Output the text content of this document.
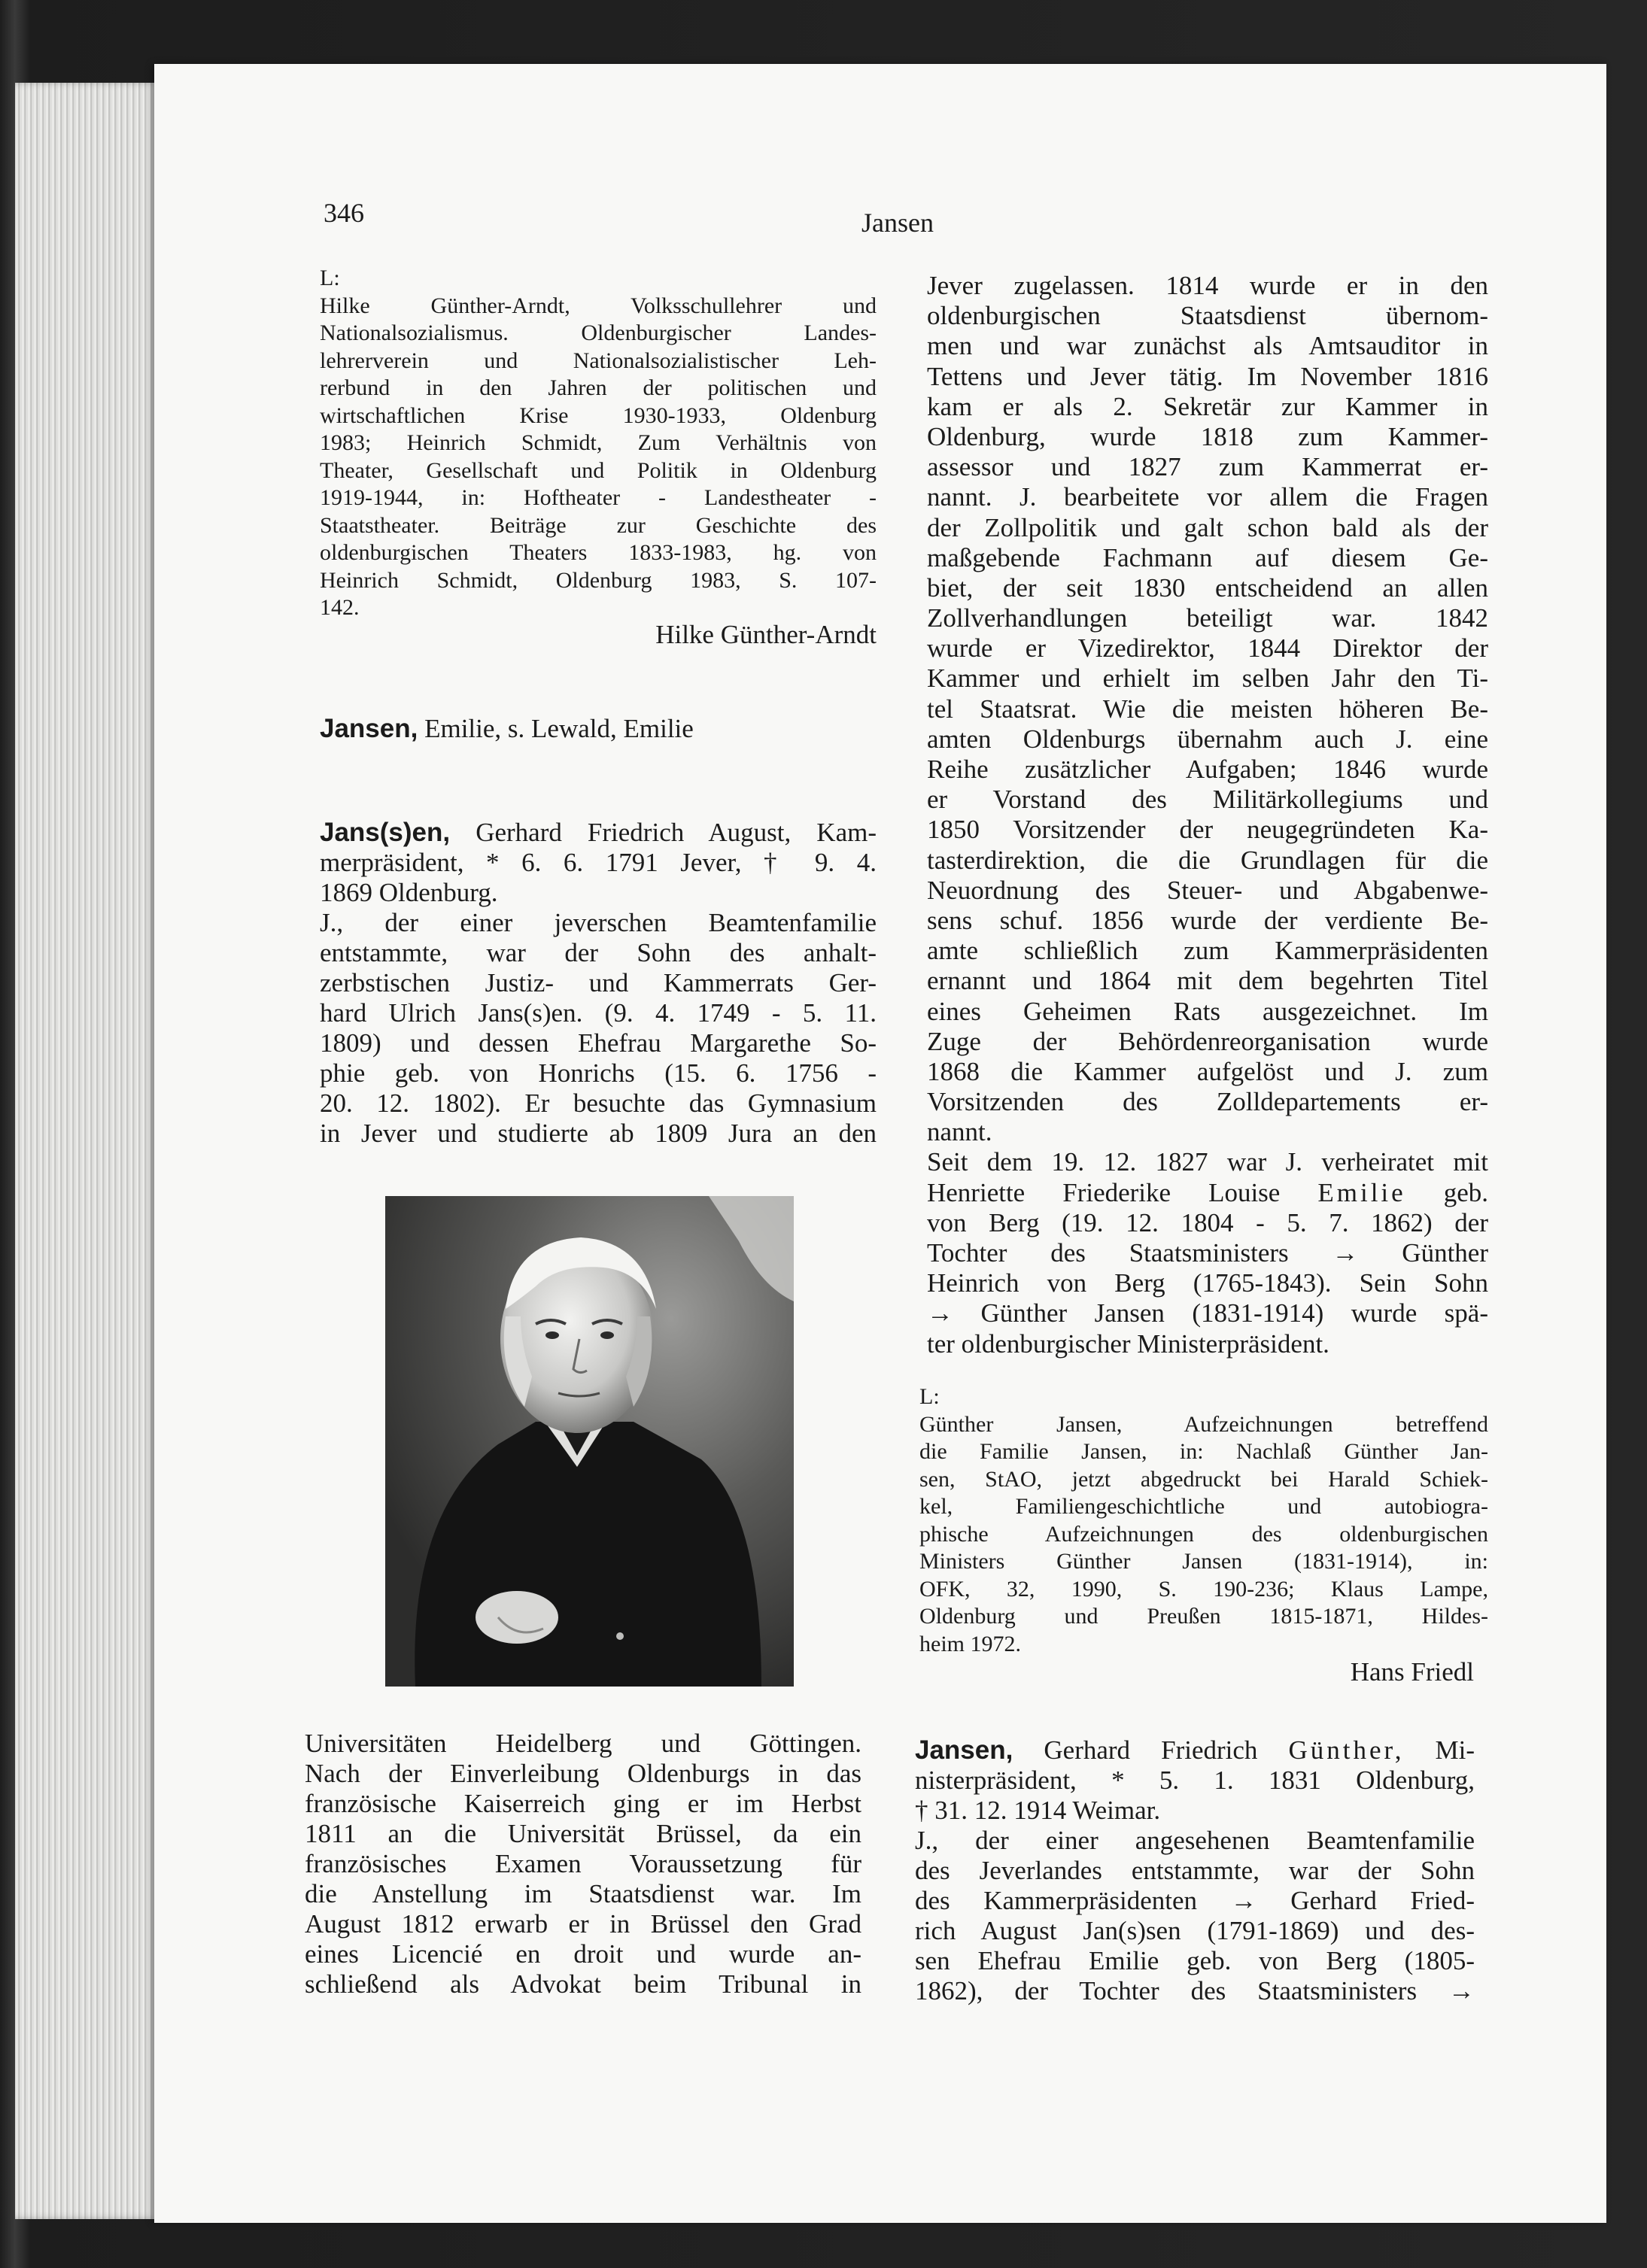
346	Jansen
L:
Hilke Günther-Arndt, Volksschullehrer und
Nationalsozialismus. Oldenburgischer Landes-
lehrerverein und Nationalsozialistischer Leh-
rerbund in den Jahren der politischen und
wirtschaftlichen Krise 1930-1933, Oldenburg
1983; Heinrich Schmidt, Zum Verhältnis von
Theater, Gesellschaft und Politik in Oldenburg
1919-1944, in: Hoftheater - Landestheater -
Staatstheater. Beiträge zur Geschichte des
oldenburgischen Theaters 1833-1983, hg. von
Heinrich Schmidt, Oldenburg 1983, S. 107-
142.
Hilke Günther-Arndt
Jansen, Emilie, s. Lewald, Emilie
Jans(s)en, Gerhard Friedrich August, Kam-
merpräsident, * 6. 6. 1791 Jever, † 9. 4.
1869 Oldenburg.
J., der einer jeverschen Beamtenfamilie
entstammte, war der Sohn des anhalt-
zerbstischen Justiz- und Kammerrats Ger-
hard Ulrich Jans(s)en. (9. 4. 1749 - 5. 11.
1809) und dessen Ehefrau Margarethe So-
phie geb. von Honrichs (15. 6. 1756 -
20. 12. 1802). Er besuchte das Gymnasium
in Jever und studierte ab 1809 Jura an den
Universitäten Heidelberg und Göttingen.
Nach der Einverleibung Oldenburgs in das
französische Kaiserreich ging er im Herbst
1811 an die Universität Brüssel, da ein
französisches Examen Voraussetzung für
die Anstellung im Staatsdienst war. Im
August 1812 erwarb er in Brüssel den Grad
eines Licencié en droit und wurde an-
schließend als Advokat beim Tribunal in
Jever zugelassen. 1814 wurde er in den
oldenburgischen Staatsdienst übernom-
men und war zunächst als Amtsauditor in
Tettens und Jever tätig. Im November 1816
kam er als 2. Sekretär zur Kammer in
Oldenburg, wurde 1818 zum Kammer-
assessor und 1827 zum Kammerrat er-
nannt. J. bearbeitete vor allem die Fragen
der Zollpolitik und galt schon bald als der
maßgebende Fachmann auf diesem Ge-
biet, der seit 1830 entscheidend an allen
Zollverhandlungen beteiligt war. 1842
wurde er Vizedirektor, 1844 Direktor der
Kammer und erhielt im selben Jahr den Ti-
tel Staatsrat. Wie die meisten höheren Be-
amten Oldenburgs übernahm auch J. eine
Reihe zusätzlicher Aufgaben; 1846 wurde
er Vorstand des Militärkollegiums und
1850 Vorsitzender der neugegründeten Ka-
tasterdirektion, die die Grundlagen für die
Neuordnung des Steuer- und Abgabenwe-
sens schuf. 1856 wurde der verdiente Be-
amte schließlich zum Kammerpräsidenten
ernannt und 1864 mit dem begehrten Titel
eines Geheimen Rats ausgezeichnet. Im
Zuge der Behördenreorganisation wurde
1868 die Kammer aufgelöst und J. zum
Vorsitzenden des Zolldepartements er-
nannt.
Seit dem 19. 12. 1827 war J. verheiratet mit
Henriette Friederike Louise Emilie geb.
von Berg (19. 12. 1804 - 5. 7. 1862) der
Tochter des Staatsministers → Günther
Heinrich von Berg (1765-1843). Sein Sohn
→ Günther Jansen (1831-1914) wurde spä-
ter oldenburgischer Ministerpräsident.
L:
Günther Jansen, Aufzeichnungen betreffend
die Familie Jansen, in: Nachlaß Günther Jan-
sen, StAO, jetzt abgedruckt bei Harald Schiek-
kel, Familiengeschichtliche und autobiogra-
phische Aufzeichnungen des oldenburgischen
Ministers Günther Jansen (1831-1914), in:
OFK, 32, 1990, S. 190-236; Klaus Lampe,
Oldenburg und Preußen 1815-1871, Hildes-
heim 1972.
Hans Friedl
Jansen, Gerhard Friedrich Günther, Mi-
nisterpräsident, * 5. 1. 1831 Oldenburg,
† 31. 12. 1914 Weimar.
J., der einer angesehenen Beamtenfamilie
des Jeverlandes entstammte, war der Sohn
des Kammerpräsidenten → Gerhard Fried-
rich August Jan(s)sen (1791-1869) und des-
sen Ehefrau Emilie geb. von Berg (1805-
1862), der Tochter des Staatsministers →
